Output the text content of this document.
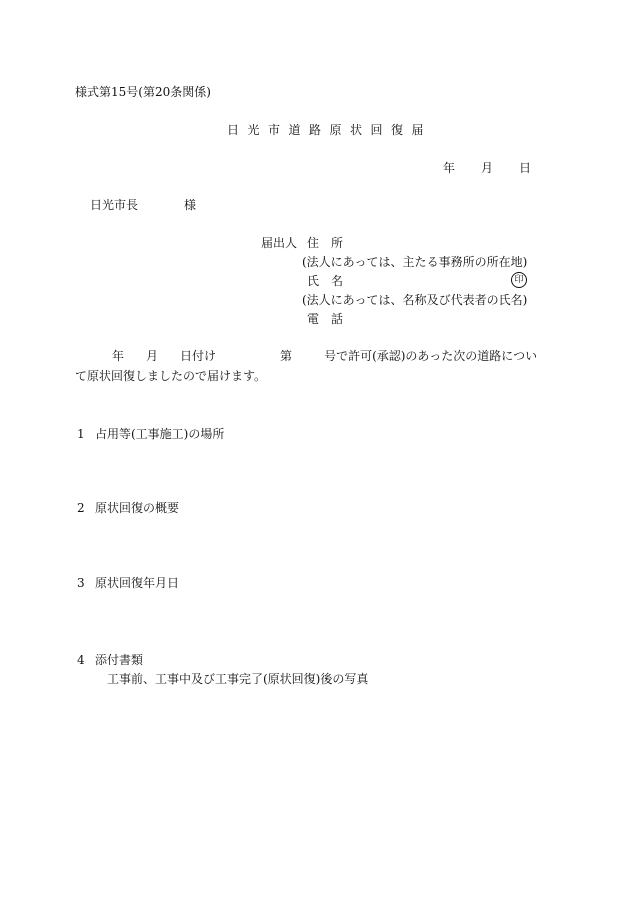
様式第15号(第20条関係)
日光市道路原状回復届
年 月 日
日光市長	様
届出人 住 所
(法人にあっては、主たる事務所の所在地)
氏 名	印
(法人にあっては、名称及び代表者の氏名)
電 話
年 月 日付け	第	号で許可(承認)のあった次の道路につい
て原状回復しましたので届けます。
1 占用等(工事施工)の場所
2 原状回復の概要
3 原状回復年月日
4 添付書類
工事前、工事中及び工事完了(原状回復)後の写真
